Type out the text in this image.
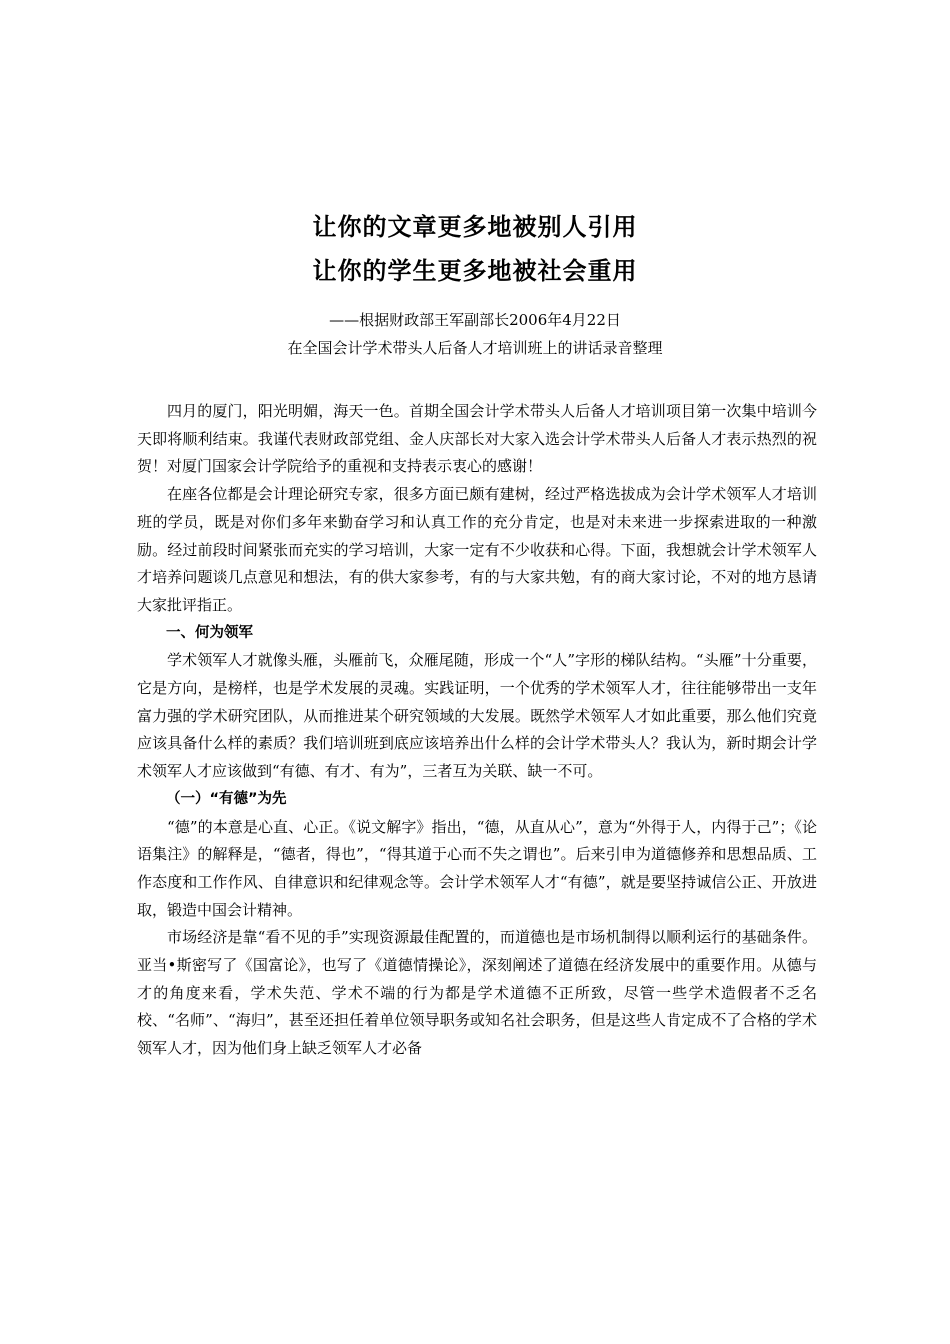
让你的文章更多地被别人引用
让你的学生更多地被社会重用
——根据财政部王军副部长2006年4月22日
在全国会计学术带头人后备人才培训班上的讲话录音整理

四月的厦门，阳光明媚，海天一色。首期全国会计学术带头人后备人才培训项目第一次集中培训今天即将顺利结束。我谨代表财政部党组、金人庆部长对大家入选会计学术带头人后备人才表示热烈的祝贺！对厦门国家会计学院给予的重视和支持表示衷心的感谢！

在座各位都是会计理论研究专家，很多方面已颇有建树，经过严格选拔成为会计学术领军人才培训班的学员，既是对你们多年来勤奋学习和认真工作的充分肯定，也是对未来进一步探索进取的一种激励。经过前段时间紧张而充实的学习培训，大家一定有不少收获和心得。下面，我想就会计学术领军人才培养问题谈几点意见和想法，有的供大家参考，有的与大家共勉，有的商大家讨论，不对的地方恳请大家批评指正。

一、何为领军

学术领军人才就像头雁，头雁前飞，众雁尾随，形成一个“人”字形的梯队结构。“头雁”十分重要，它是方向，是榜样，也是学术发展的灵魂。实践证明，一个优秀的学术领军人才，往往能够带出一支年富力强的学术研究团队，从而推进某个研究领域的大发展。既然学术领军人才如此重要，那么他们究竟应该具备什么样的素质？我们培训班到底应该培养出什么样的会计学术带头人？我认为，新时期会计学术领军人才应该做到“有德、有才、有为”，三者互为关联、缺一不可。

（一）“有德”为先

“德”的本意是心直、心正。《说文解字》指出，“德，从直从心”，意为“外得于人，内得于己”；《论语集注》的解释是，“德者，得也”，“得其道于心而不失之谓也”。后来引申为道德修养和思想品质、工作态度和工作作风、自律意识和纪律观念等。会计学术领军人才“有德”，就是要坚持诚信公正、开放进取，锻造中国会计精神。

市场经济是靠“看不见的手”实现资源最佳配置的，而道德也是市场机制得以顺利运行的基础条件。亚当•斯密写了《国富论》，也写了《道德情操论》，深刻阐述了道德在经济发展中的重要作用。从德与才的角度来看，学术失范、学术不端的行为都是学术道德不正所致，尽管一些学术造假者不乏名校、“名师”、“海归”，甚至还担任着单位领导职务或知名社会职务，但是这些人肯定成不了合格的学术领军人才，因为他们身上缺乏领军人才必备
